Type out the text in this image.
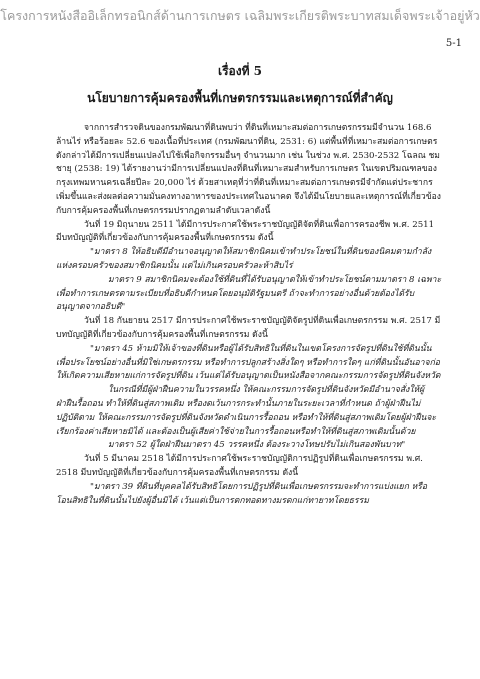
โครงการหนังสืออิเล็กทรอนิกส์ด้านการเกษตร เฉลิมพระเกียรติพระบาทสมเด็จพระเจ้าอยู่หัว
5-1
เรื่องที่ 5
นโยบายการคุ้มครองพื้นที่เกษตรกรรมและเหตุการณ์ที่สำคัญ

จากการสำรวจดินของกรมพัฒนาที่ดินพบว่า ที่ดินที่เหมาะสมต่อการเกษตรกรรมมีจำนวน 168.6 ล้านไร่ หรือร้อยละ 52.6 ของเนื้อที่ประเทศ (กรมพัฒนาที่ดิน, 2531: 6) แต่พื้นที่ที่เหมาะสมต่อการเกษตรดังกล่าวได้มีการเปลี่ยนแปลงไปใช้เพื่อกิจกรรมอื่นๆ จำนวนมาก เช่น ในช่วง พ.ศ. 2530-2532 โฉลณ ชมชายุ (2538: 19) ได้รายงานว่ามีการเปลี่ยนแปลงที่ดินที่เหมาะสมสำหรับการเกษตร ในเขตปริมณฑลของกรุงเทพมหานครเฉลี่ยปีละ 20,000 ไร่ ด้วยสาเหตุที่ว่าที่ดินที่เหมาะสมต่อการเกษตรมีจำกัดแต่ประชากรเพิ่มขึ้นและส่งผลต่อความมั่นคงทางอาหารของประเทศในอนาคต จึงได้มีนโยบายและเหตุการณ์ที่เกี่ยวข้องกับการคุ้มครองพื้นที่เกษตรกรรมปรากฏตามลำดับเวลาดังนี้

วันที่ 19 มิถุนายน 2511 ได้มีการประกาศใช้พระราชบัญญัติจัดที่ดินเพื่อการครองชีพ พ.ศ. 2511 มีบทบัญญัติที่เกี่ยวข้องกับการคุ้มครองพื้นที่เกษตรกรรม ดังนี้

"มาตรา 8 ให้อธิบดีมีอำนาจอนุญาตให้สมาชิกนิคมเข้าทำประโยชน์ในที่ดินของนิคมตามกำลังแห่งครอบครัวของสมาชิกนิคมนั้น แต่ไม่เกินครอบครัวละห้าสิบไร่

มาตรา 9 สมาชิกนิคมจะต้องใช้ที่ดินที่ได้รับอนุญาตให้เข้าทำประโยชน์ตามมาตรา 8 เฉพาะเพื่อทำการเกษตรตามระเบียบที่อธิบดีกำหนดโดยอนุมัติรัฐมนตรี ถ้าจะทำการอย่างอื่นด้วยต้องได้รับอนุญาตจากอธิบดี"

วันที่ 18 กันยายน 2517 มีการประกาศใช้พระราชบัญญัติจัดรูปที่ดินเพื่อเกษตรกรรม พ.ศ. 2517 มีบทบัญญัติที่เกี่ยวข้องกับการคุ้มครองพื้นที่เกษตรกรรม ดังนี้

"มาตรา 45 ห้ามมิให้เจ้าของที่ดินหรือผู้ได้รับสิทธิในที่ดินในเขตโครงการจัดรูปที่ดินใช้ที่ดินนั้นเพื่อประโยชน์อย่างอื่นที่มิใช่เกษตรกรรม หรือทำการปลูกสร้างสิ่งใดๆ หรือทำการใดๆ แก่ที่ดินนั้นอันอาจก่อให้เกิดความเสียหายแก่การจัดรูปที่ดิน เว้นแต่ได้รับอนุญาตเป็นหนังสือจากคณะกรรมการจัดรูปที่ดินจังหวัด

ในกรณีที่มีผู้ฝ่าฝืนความในวรรคหนึ่ง ให้คณะกรรมการจัดรูปที่ดินจังหวัดมีอำนาจสั่งให้ผู้ฝ่าฝืนรื้อถอน ทำให้ที่ดินสู่สภาพเดิม หรืองดเว้นการกระทำนั้นภายในระยะเวลาที่กำหนด ถ้าผู้ฝ่าฝืนไม่ปฏิบัติตาม ให้คณะกรรมการจัดรูปที่ดินจังหวัดดำเนินการรื้อถอน หรือทำให้ที่ดินสู่สภาพเดิมโดยผู้ฝ่าฝืนจะเรียกร้องค่าเสียหายมิได้ และต้องเป็นผู้เสียค่าใช้จ่ายในการรื้อถอนหรือทำให้ที่ดินสู่สภาพเดิมนั้นด้วย

มาตรา 52 ผู้ใดฝ่าฝืนมาตรา 45 วรรคหนึ่ง ต้องระวางโทษปรับไม่เกินสองพันบาท"

วันที่ 5 มีนาคม 2518 ได้มีการประกาศใช้พระราชบัญญัติการปฏิรูปที่ดินเพื่อเกษตรกรรม พ.ศ. 2518 มีบทบัญญัติที่เกี่ยวข้องกับการคุ้มครองพื้นที่เกษตรกรรม ดังนี้

"มาตรา 39 ที่ดินที่บุคคลได้รับสิทธิโดยการปฏิรูปที่ดินเพื่อเกษตรกรรมจะทำการแบ่งแยก หรือโอนสิทธิในที่ดินนั้นไปยังผู้อื่นมิได้ เว้นแต่เป็นการตกทอดทางมรดกแก่ทายาทโดยธรรม
